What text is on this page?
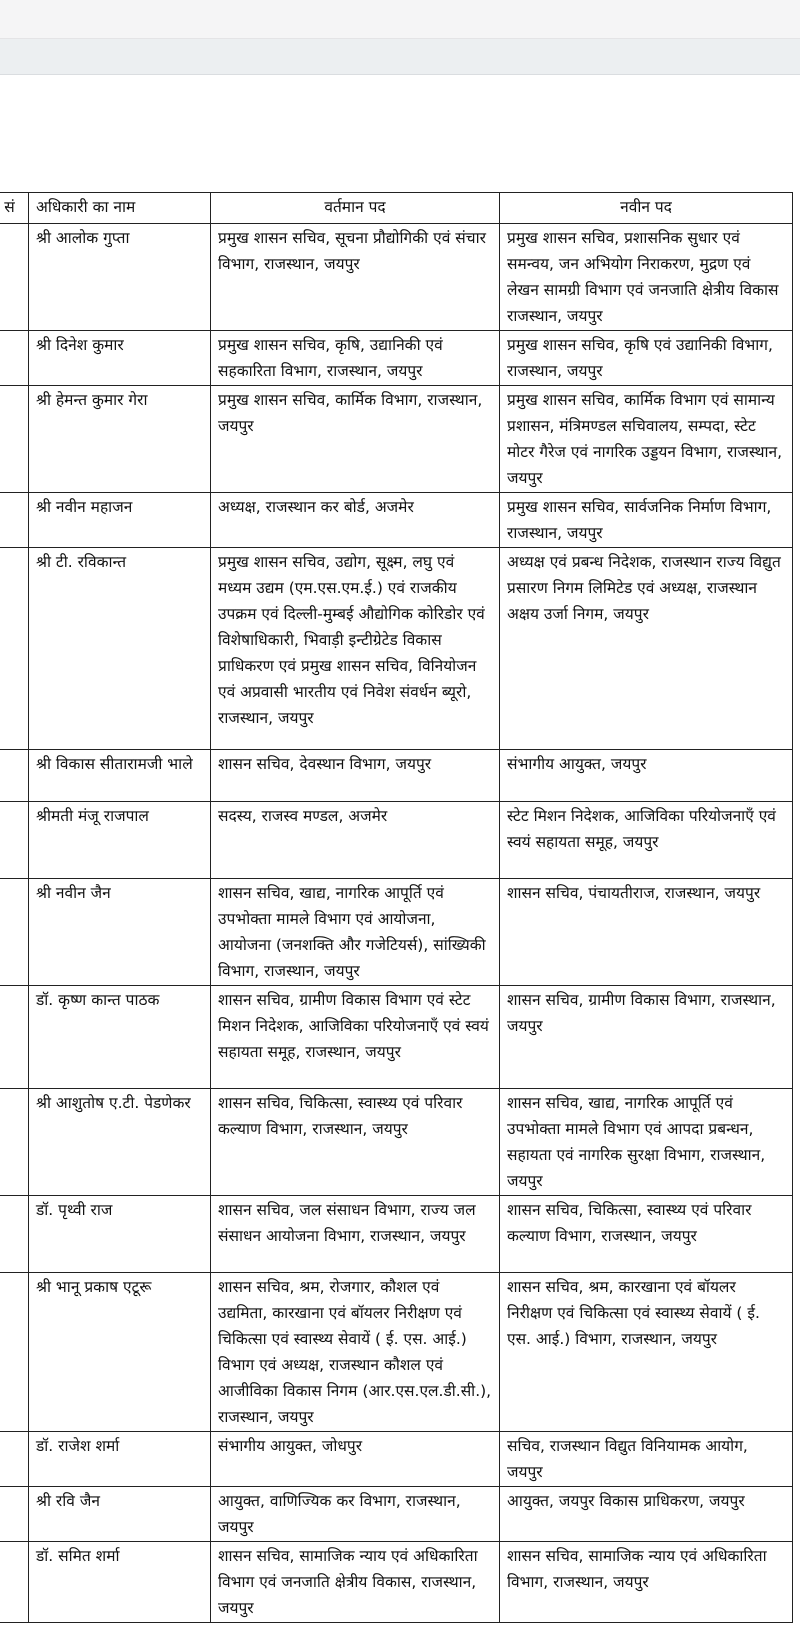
सं	अधिकारी का नाम	वर्तमान पद	नवीन पद
	श्री आलोक गुप्ता	प्रमुख शासन सचिव, सूचना प्रौद्योगिकी एवं संचार विभाग, राजस्थान, जयपुर	प्रमुख शासन सचिव, प्रशासनिक सुधार एवं समन्वय, जन अभियोग निराकरण, मुद्रण एवं लेखन सामग्री विभाग एवं जनजाति क्षेत्रीय विकास राजस्थान, जयपुर
	श्री दिनेश कुमार	प्रमुख शासन सचिव, कृषि, उद्यानिकी एवं सहकारिता विभाग, राजस्थान, जयपुर	प्रमुख शासन सचिव, कृषि एवं उद्यानिकी विभाग, राजस्थान, जयपुर
	श्री हेमन्त कुमार गेरा	प्रमुख शासन सचिव, कार्मिक विभाग, राजस्थान, जयपुर	प्रमुख शासन सचिव, कार्मिक विभाग एवं सामान्य प्रशासन, मंत्रिमण्डल सचिवालय, सम्पदा, स्टेट मोटर गैरेज एवं नागरिक उड्डयन विभाग, राजस्थान, जयपुर
	श्री नवीन महाजन	अध्यक्ष, राजस्थान कर बोर्ड, अजमेर	प्रमुख शासन सचिव, सार्वजनिक निर्माण विभाग, राजस्थान, जयपुर
	श्री टी. रविकान्त	प्रमुख शासन सचिव, उद्योग, सूक्ष्म, लघु एवं मध्यम उद्यम (एम.एस.एम.ई.) एवं राजकीय उपक्रम एवं दिल्ली-मुम्बई औद्योगिक कोरिडोर एवं विशेषाधिकारी, भिवाड़ी इन्टीग्रेटेड विकास प्राधिकरण एवं प्रमुख शासन सचिव, विनियोजन एवं अप्रवासी भारतीय एवं निवेश संवर्धन ब्यूरो, राजस्थान, जयपुर	अध्यक्ष एवं प्रबन्ध निदेशक, राजस्थान राज्य विद्युत प्रसारण निगम लिमिटेड एवं अध्यक्ष, राजस्थान अक्षय उर्जा निगम, जयपुर
	श्री विकास सीतारामजी भाले	शासन सचिव, देवस्थान विभाग, जयपुर	संभागीय आयुक्त, जयपुर
	श्रीमती मंजू राजपाल	सदस्य, राजस्व मण्डल, अजमेर	स्टेट मिशन निदेशक, आजिविका परियोजनाएँ एवं स्वयं सहायता समूह, जयपुर
	श्री नवीन जैन	शासन सचिव, खाद्य, नागरिक आपूर्ति एवं उपभोक्ता मामले विभाग एवं आयोजना, आयोजना (जनशक्ति और गजेटियर्स), सांख्यिकी विभाग, राजस्थान, जयपुर	शासन सचिव, पंचायतीराज, राजस्थान, जयपुर
	डॉ. कृष्ण कान्त पाठक	शासन सचिव, ग्रामीण विकास विभाग एवं स्टेट मिशन निदेशक, आजिविका परियोजनाएँ एवं स्वयं सहायता समूह, राजस्थान, जयपुर	शासन सचिव, ग्रामीण विकास विभाग, राजस्थान, जयपुर
	श्री आशुतोष ए.टी. पेडणेकर	शासन सचिव, चिकित्सा, स्वास्थ्य एवं परिवार कल्याण विभाग, राजस्थान, जयपुर	शासन सचिव, खाद्य, नागरिक आपूर्ति एवं उपभोक्ता मामले विभाग एवं आपदा प्रबन्धन, सहायता एवं नागरिक सुरक्षा विभाग, राजस्थान, जयपुर
	डॉ. पृथ्वी राज	शासन सचिव, जल संसाधन विभाग, राज्य जल संसाधन आयोजना विभाग, राजस्थान, जयपुर	शासन सचिव, चिकित्सा, स्वास्थ्य एवं परिवार कल्याण विभाग, राजस्थान, जयपुर
	श्री भानू प्रकाष एटूरू	शासन सचिव, श्रम, रोजगार, कौशल एवं उद्यमिता, कारखाना एवं बॉयलर निरीक्षण एवं चिकित्सा एवं स्वास्थ्य सेवायें ( ई. एस. आई.) विभाग एवं अध्यक्ष, राजस्थान कौशल एवं आजीविका विकास निगम (आर.एस.एल.डी.सी.), राजस्थान, जयपुर	शासन सचिव, श्रम, कारखाना एवं बॉयलर निरीक्षण एवं चिकित्सा एवं स्वास्थ्य सेवायें ( ई. एस. आई.) विभाग, राजस्थान, जयपुर
	डॉ. राजेश शर्मा	संभागीय आयुक्त, जोधपुर	सचिव, राजस्थान विद्युत विनियामक आयोग, जयपुर
	श्री रवि जैन	आयुक्त, वाणिज्यिक कर विभाग, राजस्थान, जयपुर	आयुक्त, जयपुर विकास प्राधिकरण, जयपुर
	डॉ. समित शर्मा	शासन सचिव, सामाजिक न्याय एवं अधिकारिता विभाग एवं जनजाति क्षेत्रीय विकास, राजस्थान, जयपुर	शासन सचिव, सामाजिक न्याय एवं अधिकारिता विभाग, राजस्थान, जयपुर
